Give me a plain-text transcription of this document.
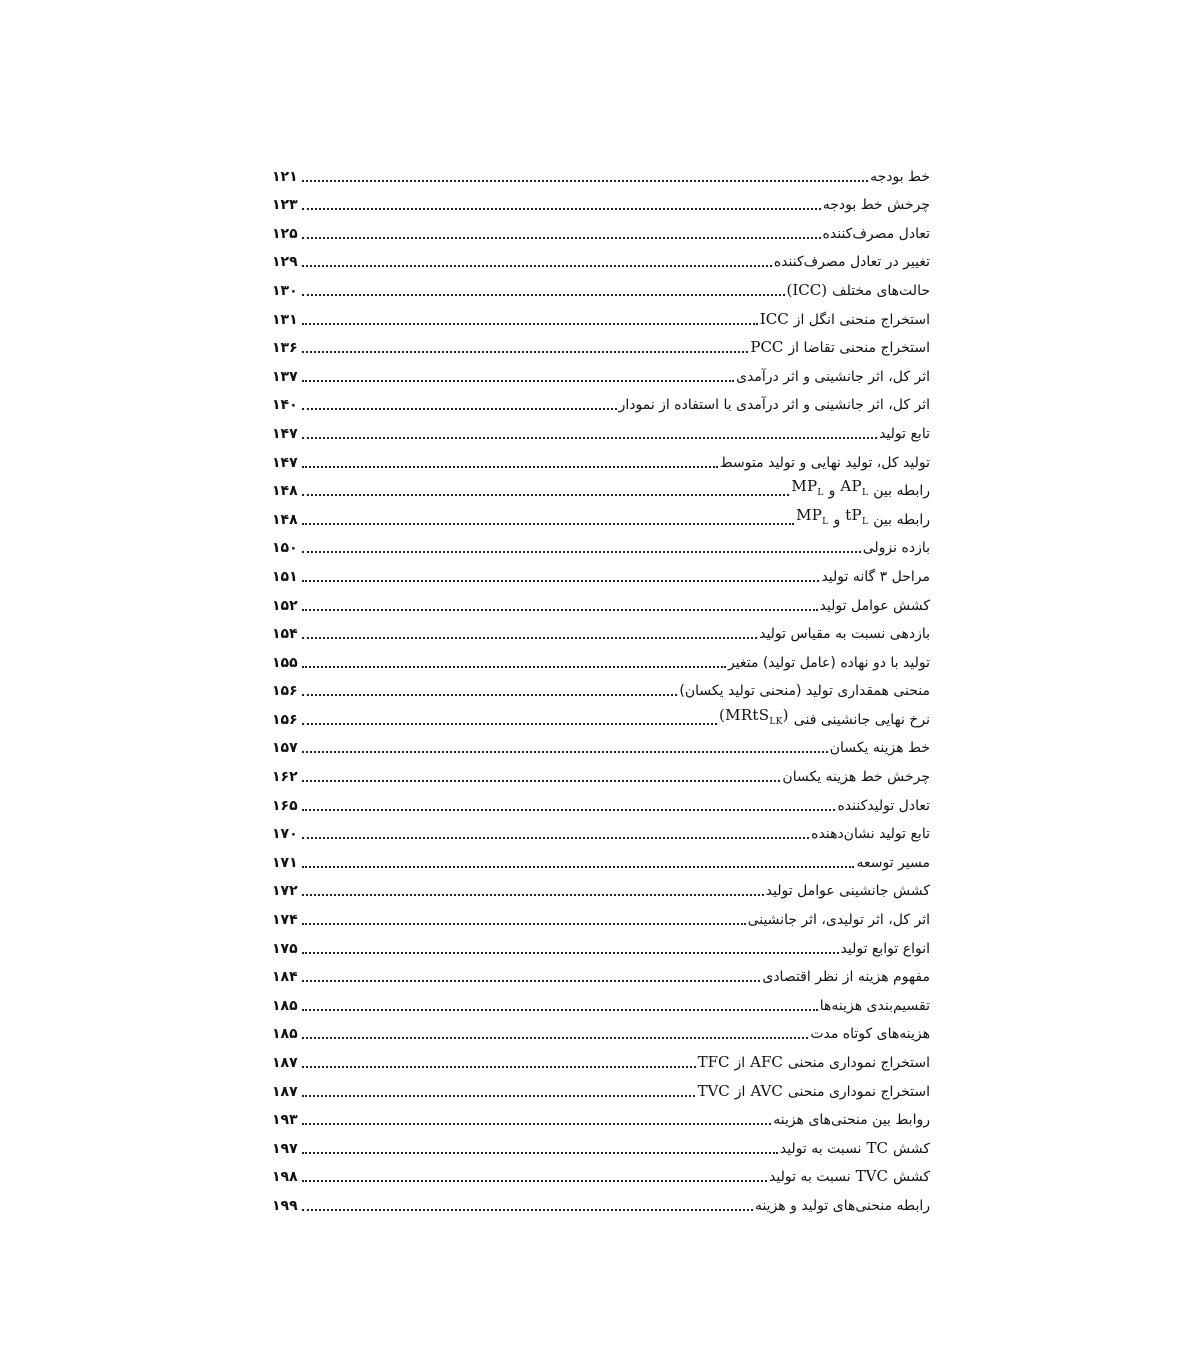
خط بودجه
۱۲۱
چرخش خط بودجه
۱۲۳
تعادل مصرف‌کننده
۱۲۵
تغییر در تعادل مصرف‌کننده
۱۲۹
حالت‌های مختلف
(ICC)
۱۳۰
استخراج منحنی انگل از
ICC
۱۳۱
استخراج منحنی تقاضا از
PCC
۱۳۶
اثر کل، اثر جانشینی و اثر درآمدی
۱۳۷
اثر کل، اثر جانشینی و اثر درآمدی با استفاده از نمودار
۱۴۰
تابع تولید
۱۴۷
تولید کل، تولید نهایی و تولید متوسط
۱۴۷
رابطه بین
$AP_L$
و
$MP_L$
۱۴۸
رابطه بین
$tP_L$
و
$MP_L$
۱۴۸
بازده نزولی
۱۵۰
مراحل ۳ گانه تولید
۱۵۱
کشش عوامل تولید
۱۵۲
بازدهی نسبت به مقیاس تولید
۱۵۴
تولید با دو نهاده (عامل تولید) متغیر
۱۵۵
منحنی همقداری تولید (منحنی تولید یکسان)
۱۵۶
نرخ نهایی جانشینی فنی
(MRtS$_{LK}$)
۱۵۶
خط هزینه یکسان
۱۵۷
چرخش خط هزینه یکسان
۱۶۲
تعادل تولیدکننده
۱۶۵
تابع تولید نشان‌دهنده
۱۷۰
مسیر توسعه
۱۷۱
کشش جانشینی عوامل تولید
۱۷۲
اثر کل، اثر تولیدی، اثر جانشینی
۱۷۴
انواع توابع تولید
۱۷۵
مفهوم هزینه از نظر اقتصادی
۱۸۴
تقسیم‌بندی هزینه‌ها
۱۸۵
هزینه‌های کوتاه مدت
۱۸۵
استخراج نموداری منحنی
AFC
از
TFC
۱۸۷
استخراج نموداری منحنی
AVC
از
TVC
۱۸۷
روابط بین منحنی‌های هزینه
۱۹۳
کشش
TC
نسبت به تولید
۱۹۷
کشش
TVC
نسبت به تولید
۱۹۸
رابطه منحنی‌های تولید و هزینه
۱۹۹
